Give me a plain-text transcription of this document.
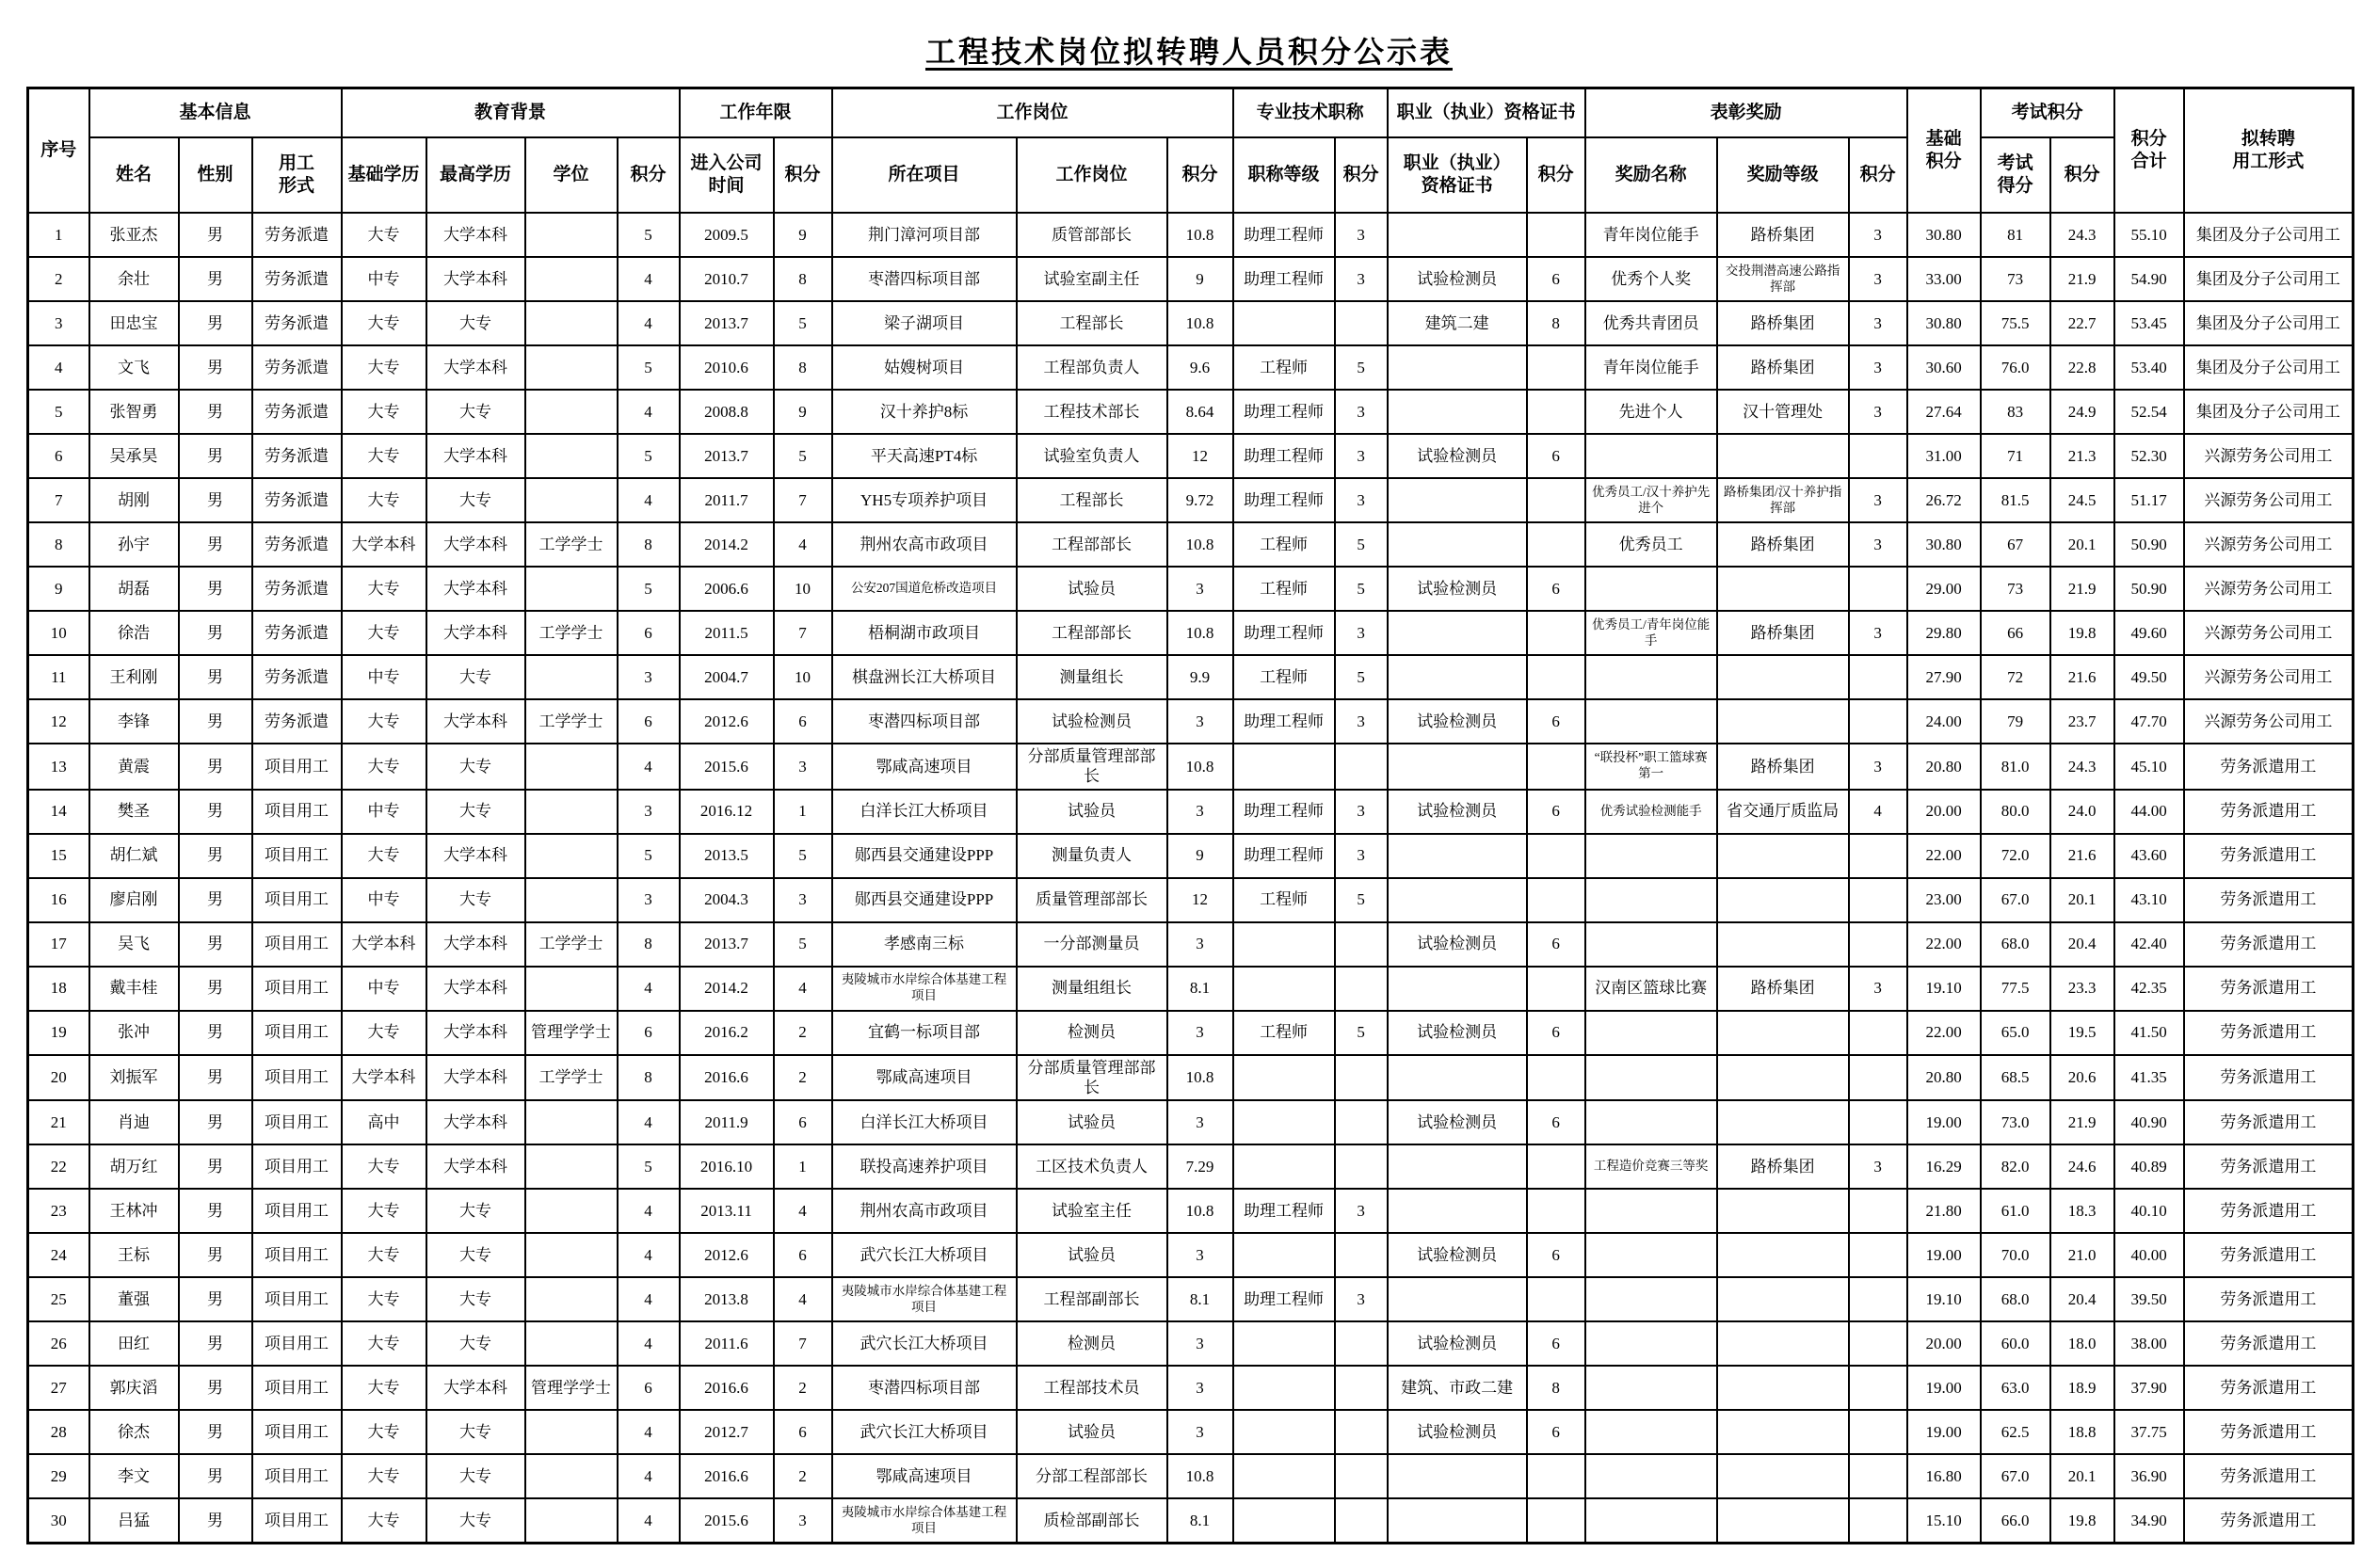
工程技术岗位拟转聘人员积分公示表
序号	基本信息			教育背景				工作年限		工作岗位			专业技术职称		职业（执业）资格证书		表彰奖励			基础
积分	考试积分		积分
合计	拟转聘
用工形式
	姓名	性别	用工
形式	基础学历	最高学历	学位	积分	进入公司
时间	积分	所在项目	工作岗位	积分	职称等级	积分	职业（执业）
资格证书	积分	奖励名称	奖励等级	积分		考试
得分	积分		
1	张亚杰	男	劳务派遣	大专	大学本科		5	2009.5	9	荆门漳河项目部	质管部部长	10.8	助理工程师	3			青年岗位能手	路桥集团	3	30.80	81	24.3	55.10	集团及分子公司用工
2	余壮	男	劳务派遣	中专	大学本科		4	2010.7	8	枣潜四标项目部	试验室副主任	9	助理工程师	3	试验检测员	6	优秀个人奖	交投荆潜高速公路指挥部	3	33.00	73	21.9	54.90	集团及分子公司用工
3	田忠宝	男	劳务派遣	大专	大专		4	2013.7	5	梁子湖项目	工程部长	10.8			建筑二建	8	优秀共青团员	路桥集团	3	30.80	75.5	22.7	53.45	集团及分子公司用工
4	文飞	男	劳务派遣	大专	大学本科		5	2010.6	8	姑嫂树项目	工程部负责人	9.6	工程师	5			青年岗位能手	路桥集团	3	30.60	76.0	22.8	53.40	集团及分子公司用工
5	张智勇	男	劳务派遣	大专	大专		4	2008.8	9	汉十养护8标	工程技术部长	8.64	助理工程师	3			先进个人	汉十管理处	3	27.64	83	24.9	52.54	集团及分子公司用工
6	吴承昊	男	劳务派遣	大专	大学本科		5	2013.7	5	平天高速PT4标	试验室负责人	12	助理工程师	3	试验检测员	6				31.00	71	21.3	52.30	兴源劳务公司用工
7	胡刚	男	劳务派遣	大专	大专		4	2011.7	7	YH5专项养护项目	工程部长	9.72	助理工程师	3			优秀员工/汉十养护先进个	路桥集团/汉十养护指挥部	3	26.72	81.5	24.5	51.17	兴源劳务公司用工
8	孙宇	男	劳务派遣	大学本科	大学本科	工学学士	8	2014.2	4	荆州农高市政项目	工程部部长	10.8	工程师	5			优秀员工	路桥集团	3	30.80	67	20.1	50.90	兴源劳务公司用工
9	胡磊	男	劳务派遣	大专	大学本科		5	2006.6	10	公安207国道危桥改造项目	试验员	3	工程师	5	试验检测员	6				29.00	73	21.9	50.90	兴源劳务公司用工
10	徐浩	男	劳务派遣	大专	大学本科	工学学士	6	2011.5	7	梧桐湖市政项目	工程部部长	10.8	助理工程师	3			优秀员工/青年岗位能手	路桥集团	3	29.80	66	19.8	49.60	兴源劳务公司用工
11	王利刚	男	劳务派遣	中专	大专		3	2004.7	10	棋盘洲长江大桥项目	测量组长	9.9	工程师	5						27.90	72	21.6	49.50	兴源劳务公司用工
12	李锋	男	劳务派遣	大专	大学本科	工学学士	6	2012.6	6	枣潜四标项目部	试验检测员	3	助理工程师	3	试验检测员	6				24.00	79	23.7	47.70	兴源劳务公司用工
13	黄震	男	项目用工	大专	大专		4	2015.6	3	鄂咸高速项目	分部质量管理部部长	10.8					“联投杯”职工篮球赛第一	路桥集团	3	20.80	81.0	24.3	45.10	劳务派遣用工
14	樊圣	男	项目用工	中专	大专		3	2016.12	1	白洋长江大桥项目	试验员	3	助理工程师	3	试验检测员	6	优秀试验检测能手	省交通厅质监局	4	20.00	80.0	24.0	44.00	劳务派遣用工
15	胡仁斌	男	项目用工	大专	大学本科		5	2013.5	5	郧西县交通建设PPP	测量负责人	9	助理工程师	3						22.00	72.0	21.6	43.60	劳务派遣用工
16	廖启刚	男	项目用工	中专	大专		3	2004.3	3	郧西县交通建设PPP	质量管理部部长	12	工程师	5						23.00	67.0	20.1	43.10	劳务派遣用工
17	吴飞	男	项目用工	大学本科	大学本科	工学学士	8	2013.7	5	孝感南三标	一分部测量员	3			试验检测员	6				22.00	68.0	20.4	42.40	劳务派遣用工
18	戴丰桂	男	项目用工	中专	大学本科		4	2014.2	4	夷陵城市水岸综合体基建工程项目	测量组组长	8.1					汉南区篮球比赛	路桥集团	3	19.10	77.5	23.3	42.35	劳务派遣用工
19	张冲	男	项目用工	大专	大学本科	管理学学士	6	2016.2	2	宜鹤一标项目部	检测员	3	工程师	5	试验检测员	6				22.00	65.0	19.5	41.50	劳务派遣用工
20	刘振军	男	项目用工	大学本科	大学本科	工学学士	8	2016.6	2	鄂咸高速项目	分部质量管理部部长	10.8								20.80	68.5	20.6	41.35	劳务派遣用工
21	肖迪	男	项目用工	高中	大学本科		4	2011.9	6	白洋长江大桥项目	试验员	3			试验检测员	6				19.00	73.0	21.9	40.90	劳务派遣用工
22	胡万红	男	项目用工	大专	大学本科		5	2016.10	1	联投高速养护项目	工区技术负责人	7.29					工程造价竞赛三等奖	路桥集团	3	16.29	82.0	24.6	40.89	劳务派遣用工
23	王林冲	男	项目用工	大专	大专		4	2013.11	4	荆州农高市政项目	试验室主任	10.8	助理工程师	3						21.80	61.0	18.3	40.10	劳务派遣用工
24	王标	男	项目用工	大专	大专		4	2012.6	6	武穴长江大桥项目	试验员	3			试验检测员	6				19.00	70.0	21.0	40.00	劳务派遣用工
25	董强	男	项目用工	大专	大专		4	2013.8	4	夷陵城市水岸综合体基建工程项目	工程部副部长	8.1	助理工程师	3						19.10	68.0	20.4	39.50	劳务派遣用工
26	田红	男	项目用工	大专	大专		4	2011.6	7	武穴长江大桥项目	检测员	3			试验检测员	6				20.00	60.0	18.0	38.00	劳务派遣用工
27	郭庆滔	男	项目用工	大专	大学本科	管理学学士	6	2016.6	2	枣潜四标项目部	工程部技术员	3			建筑、市政二建	8				19.00	63.0	18.9	37.90	劳务派遣用工
28	徐杰	男	项目用工	大专	大专		4	2012.7	6	武穴长江大桥项目	试验员	3			试验检测员	6				19.00	62.5	18.8	37.75	劳务派遣用工
29	李文	男	项目用工	大专	大专		4	2016.6	2	鄂咸高速项目	分部工程部部长	10.8								16.80	67.0	20.1	36.90	劳务派遣用工
30	吕猛	男	项目用工	大专	大专		4	2015.6	3	夷陵城市水岸综合体基建工程项目	质检部副部长	8.1								15.10	66.0	19.8	34.90	劳务派遣用工
